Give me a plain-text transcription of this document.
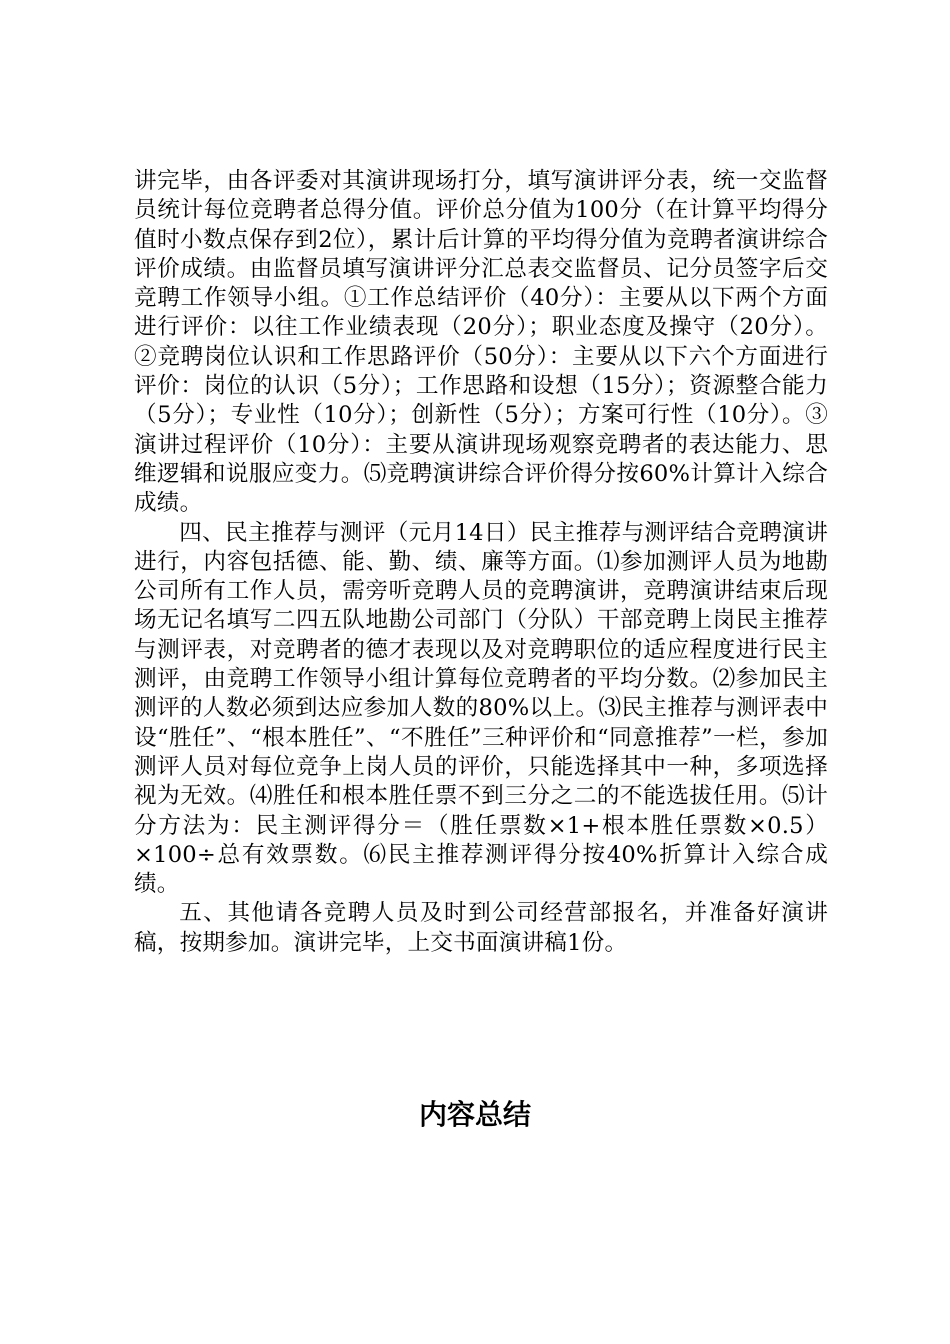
讲完毕，由各评委对其演讲现场打分，填写演讲评分表，统一交监督员统计每位竞聘者总得分值。评价总分值为100分（在计算平均得分值时小数点保存到2位），累计后计算的平均得分值为竞聘者演讲综合评价成绩。由监督员填写演讲评分汇总表交监督员、记分员签字后交竞聘工作领导小组。①工作总结评价（40分）：主要从以下两个方面进行评价：以往工作业绩表现（20分）；职业态度及操守（20分）。②竞聘岗位认识和工作思路评价（50分）：主要从以下六个方面进行评价：岗位的认识（5分）；工作思路和设想（15分）；资源整合能力（5分）；专业性（10分）；创新性（5分）；方案可行性（10分）。③演讲过程评价（10分）：主要从演讲现场观察竞聘者的表达能力、思维逻辑和说服应变力。⑸竞聘演讲综合评价得分按60%计算计入综合成绩。

四、民主推荐与测评（元月14日）民主推荐与测评结合竞聘演讲进行，内容包括德、能、勤、绩、廉等方面。⑴参加测评人员为地勘公司所有工作人员，需旁听竞聘人员的竞聘演讲，竞聘演讲结束后现场无记名填写二四五队地勘公司部门（分队）干部竞聘上岗民主推荐与测评表，对竞聘者的德才表现以及对竞聘职位的适应程度进行民主测评，由竞聘工作领导小组计算每位竞聘者的平均分数。⑵参加民主测评的人数必须到达应参加人数的80%以上。⑶民主推荐与测评表中设“胜任”、“根本胜任”、“不胜任”三种评价和“同意推荐”一栏，参加测评人员对每位竞争上岗人员的评价，只能选择其中一种，多项选择视为无效。⑷胜任和根本胜任票不到三分之二的不能选拔任用。⑸计分方法为：民主测评得分＝（胜任票数×1+根本胜任票数×0.5）×100÷总有效票数。⑹民主推荐测评得分按40%折算计入综合成绩。

五、其他请各竞聘人员及时到公司经营部报名，并准备好演讲稿，按期参加。演讲完毕，上交书面演讲稿1份。

内容总结
